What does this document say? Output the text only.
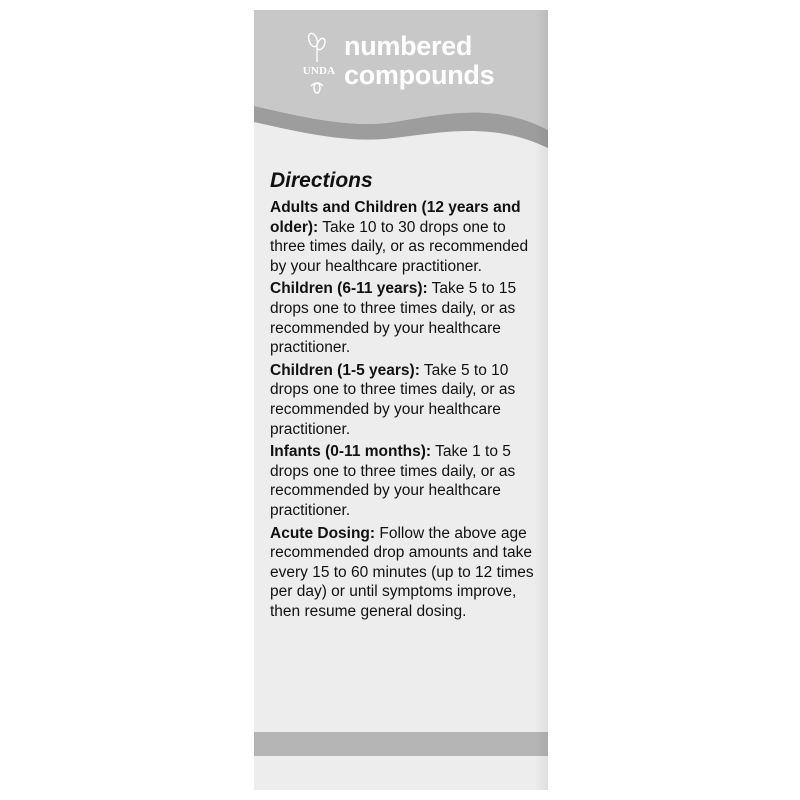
UNDA
numbered
compounds
Directions

Adults and Children (12 years and older): Take 10 to 30 drops one to three times daily, or as recommended by your healthcare practitioner.

Children (6-11 years): Take 5 to 15 drops one to three times daily, or as recommended by your healthcare practitioner.

Children (1-5 years): Take 5 to 10 drops one to three times daily, or as recommended by your healthcare practitioner.

Infants (0-11 months): Take 1 to 5 drops one to three times daily, or as recommended by your healthcare practitioner.

Acute Dosing: Follow the above age recommended drop amounts and take every 15 to 60 minutes (up to 12 times per day) or until symptoms improve, then resume general dosing.
